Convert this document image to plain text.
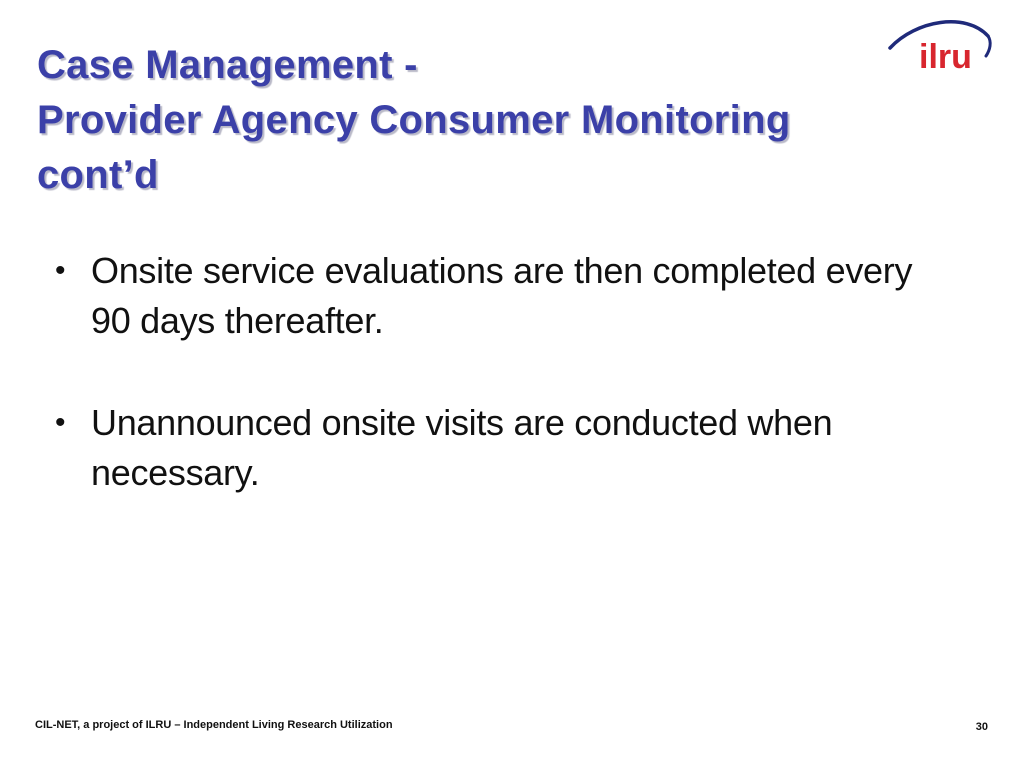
Case Management -
Provider Agency Consumer Monitoring
cont’d
ilru
• Onsite service evaluations are then completed every 90 days thereafter.
• Unannounced onsite visits are conducted when necessary.
CIL-NET, a project of ILRU – Independent Living Research Utilization	30
